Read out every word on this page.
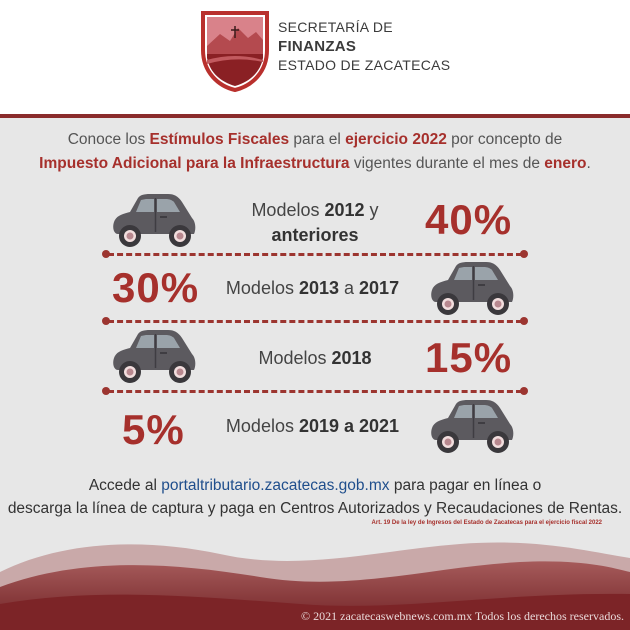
SECRETARÍA DE
FINANZAS
ESTADO DE ZACATECAS
Conoce los Estímulos Fiscales para el ejercicio 2022 por concepto de
Impuesto Adicional para la Infraestructura vigentes durante el mes de enero.
Modelos 2012 y
anteriores	40%
30%	Modelos 2013 a 2017
Modelos 2018	15%
5%	Modelos 2019 a 2021
Accede al portaltributario.zacatecas.gob.mx para pagar en línea o
descarga la línea de captura y paga en Centros Autorizados y Recaudaciones de Rentas.
Art. 19 De la ley de Ingresos del Estado de Zacatecas para el ejercicio fiscal 2022
© 2021 zacatecaswebnews.com.mx Todos los derechos reservados.
